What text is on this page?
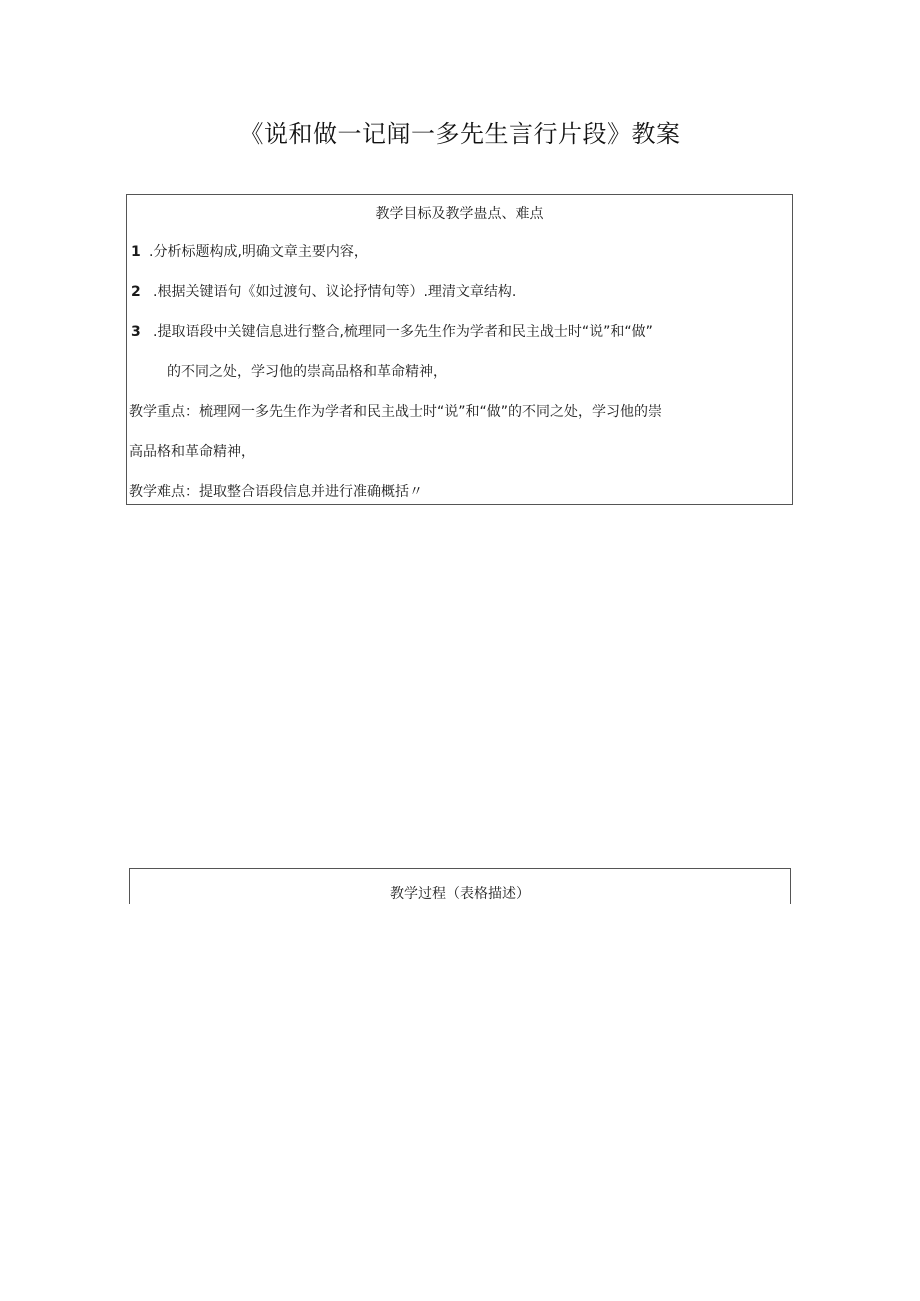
《说和做一记闻一多先生言行片段》教案
教学目标及教学蛊点、难点
1 .分析标题构成,明确文章主要内容，
2 .根据关键语句《如过渡句、议论抒情旬等）.理清文章结构.
3 .提取语段中关键信息进行整合,梳理同一多先生作为学者和民主战士时“说”和“做”
的不同之处，学习他的崇高品格和革命精神，
教学重点：梳理网一多先生作为学者和民主战士时“说”和“做”的不同之处，学习他的崇
高品格和革命精神，
教学难点：提取整合语段信息并进行准确概括〃
教学过程（表格描述）
